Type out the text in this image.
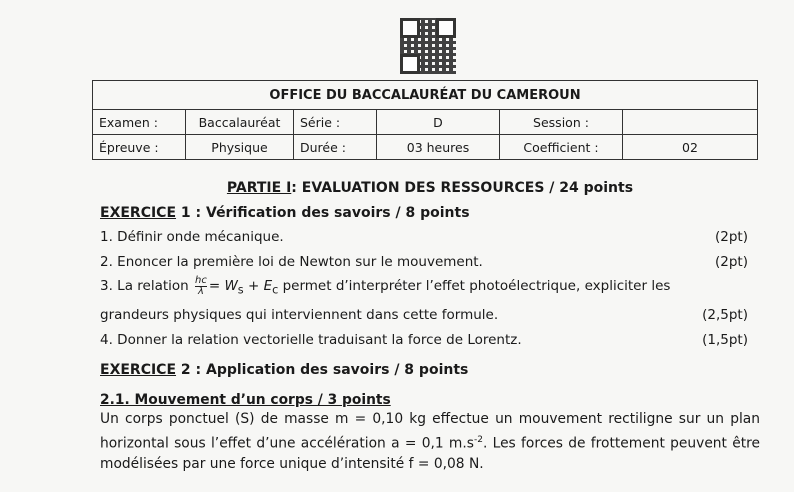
OFFICE DU BACCALAURÉAT DU CAMEROUN					
Examen :	Baccalauréat	Série :	D	Session :	
Épreuve :	Physique	Durée :	03 heures	Coefficient :	02
PARTIE I: EVALUATION DES RESSOURCES / 24 points
EXERCICE 1 : Vérification des savoirs / 8 points
1. Définir onde mécanique.	(2pt)
2. Enoncer la première loi de Newton sur le mouvement.	(2pt)
3. La relation $\frac{hc}{\lambda} = W_s + E_c$ permet d’interpréter l’effet photoélectrique, expliciter les
grandeurs physiques qui interviennent dans cette formule.	(2,5pt)
4. Donner la relation vectorielle traduisant la force de Lorentz.	(1,5pt)
EXERCICE 2 : Application des savoirs / 8 points
2.1. Mouvement d’un corps / 3 points
Un corps ponctuel (S) de masse m = 0,10 kg effectue un mouvement rectiligne sur un plan horizontal sous l’effet d’une accélération a = 0,1 $m.s^{-2}$. Les forces de frottement peuvent être modélisées par une force unique d’intensité f = 0,08 N.
